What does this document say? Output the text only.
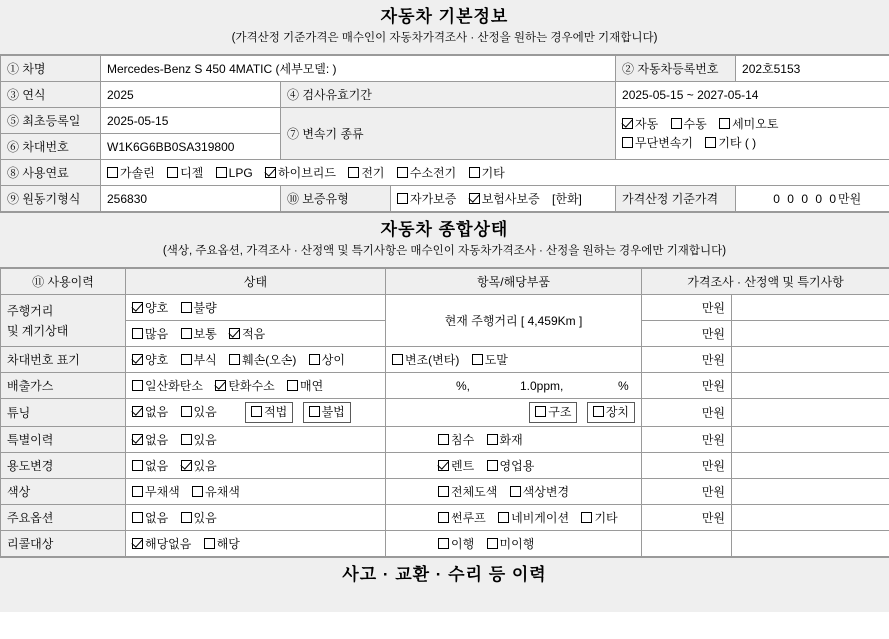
자동차 기본정보
(가격산정 기준가격은 매수인이 자동차가격조사 · 산정을 원하는 경우에만 기재합니다)
① 차명	Mercedes-Benz S 450 4MATIC (세부모델: )			② 자동차등록번호	202호5153
③ 연식	2025	④ 검사유효기간		2025-05-15 ~ 2027-05-14	
⑤ 최초등록일	2025-05-15	⑦ 변속기 종류		자동 수동 세미오토
무단변속기 기타 ( )	

⑥ 차대번호	W1K6G6BB0SA319800				
⑧ 사용연료	가솔린 디젤 LPG 하이브리드 전기 수소전기 기타				
⑨ 원동기형식	256830	⑩ 보증유형	자가보증 보험사보증 [한화]	가격산정 기준가격	0 0 0 0 0만원
자동차 종합상태
(색상, 주요옵션, 가격조사 · 산정액 및 특기사항은 매수인이 자동차가격조사 · 산정을 원하는 경우에만 기재합니다)
⑪ 사용이력	상태	항목/해당부품	가격조사 · 산정액 및 특기사항	
주행거리
및 계기상태	양호 불량	현재 주행거리 [ 4,459Km ]	만원	
	많음 보통 적음		만원	
차대번호 표기	양호 부식 훼손(오손) 상이	변조(변타) 도말	만원	
배출가스	일산화탄소 탄화수소 매연	%, 1.0ppm, %	만원	
튜닝	없음 있음 적법 불법	구조 장치	만원	
특별이력	없음 있음	침수 화재	만원	
용도변경	없음 있음	렌트 영업용	만원	
색상	무채색 유채색	전체도색 색상변경	만원	
주요옵션	없음 있음	썬루프 네비게이션 기타	만원	
리콜대상	해당없음 해당	이행 미이행		
사고 · 교환 · 수리 등 이력
